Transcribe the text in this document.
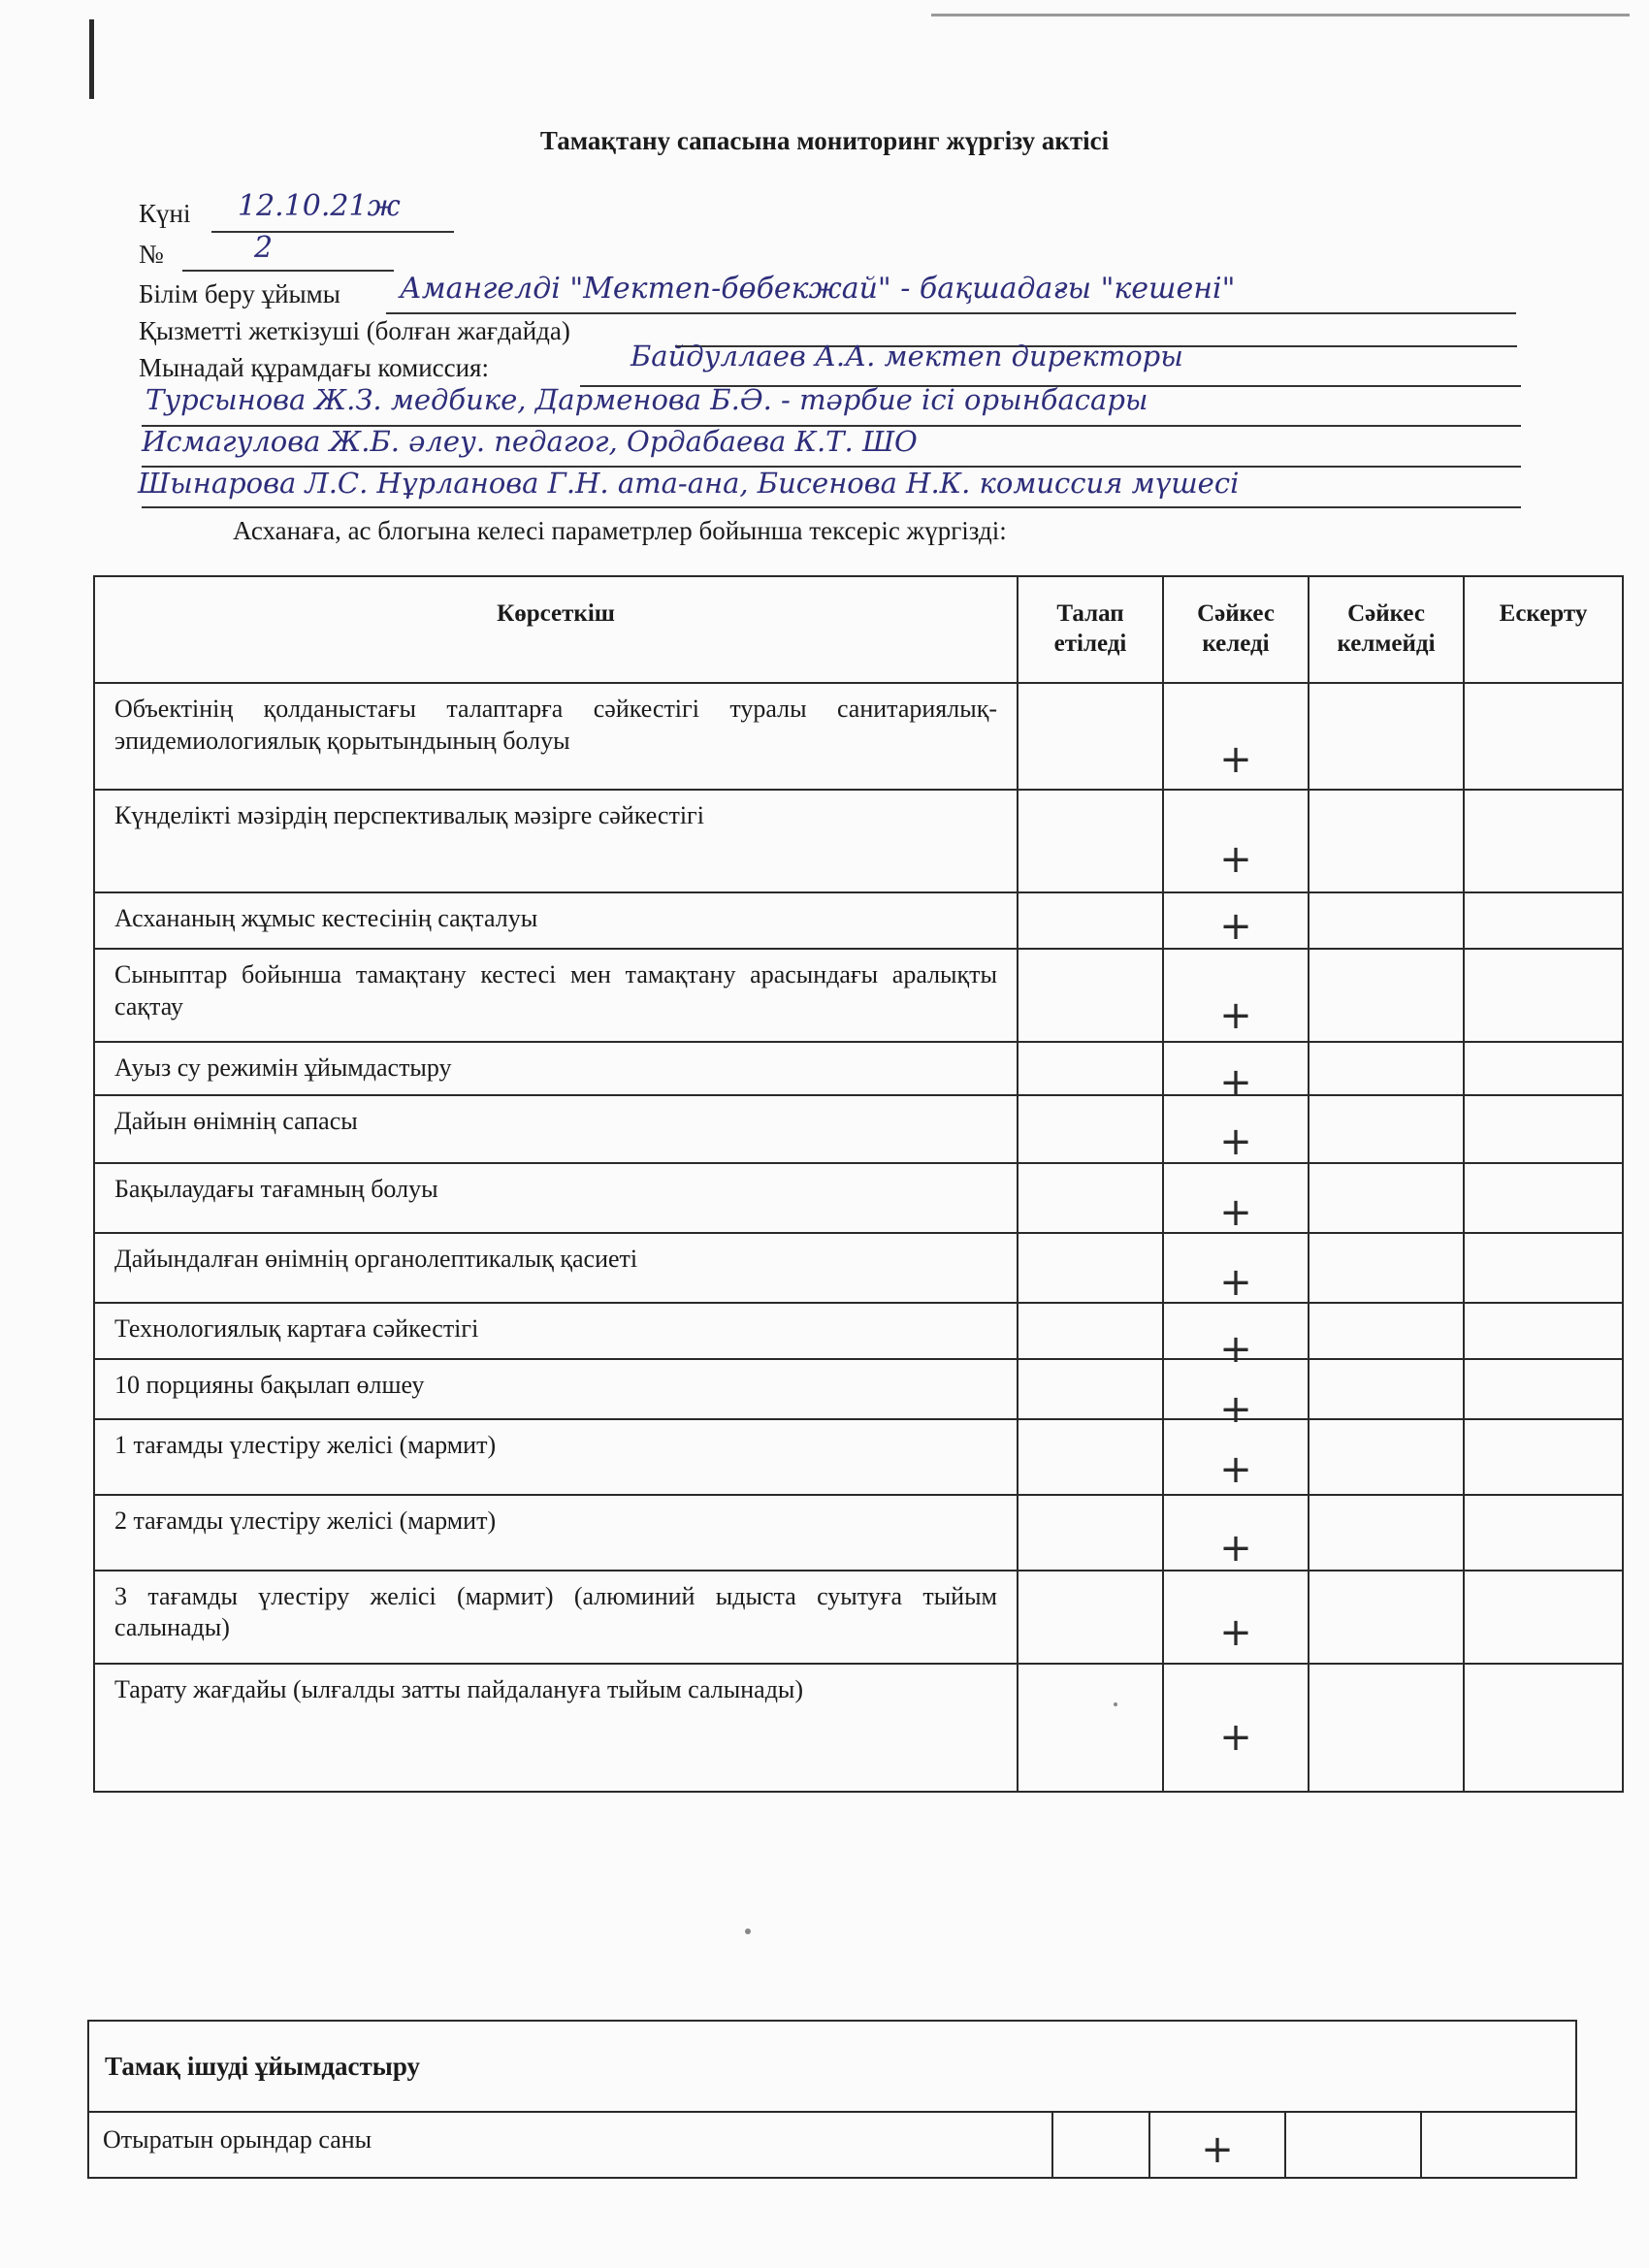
Тамақтану сапасына мониторинг жүргізу актісі
Күні 12.10.21ж
№	2
Білім беру ұйымы Амангелді "Мектеп-бөбекжай" - бақшадағы "кешені"
Қызметті жеткізуші (болған жағдайда)
Мынадай құрамдағы комиссия:	Байдуллаев А.А. мектеп директоры
Турсынова Ж.З. медбике, Дарменова Б.Ә. - тәрбие ісі орынбасары
Исмагулова Ж.Б. әлеу. педагог, Ордабаева К.Т. ШО
Шынарова Л.С. Нұрланова Г.Н. ата-ана, Бисенова Н.К. комиссия мүшесі
Асханаға, ас блогына келесі параметрлер бойынша тексеріс жүргізді:
Көрсеткіш	Талап етіледі	Сәйкес келеді	Сәйкес келмейді	Ескерту
Объектінің қолданыстағы талаптарға сәйкестігі туралы санитариялық-эпидемиологиялық қорытындының болуы		+		

Күнделікті мәзірдің перспективалық мәзірге сәйкестігі		+		

Асхананың жұмыс кестесінің сақталуы		+		

Сыныптар бойынша тамақтану кестесі мен тамақтану арасындағы аралықты сақтау		+		

Ауыз су режимін ұйымдастыру		+		

Дайын өнімнің сапасы		+		

Бақылаудағы тағамның болуы		+		

Дайындалған өнімнің органолептикалық қасиеті		+		

Технологиялық картаға сәйкестігі		+		

10 порцияны бақылап өлшеу		+		

1 тағамды үлестіру желісі (мармит)		+		

2 тағамды үлестіру желісі (мармит)		+		

3 тағамды үлестіру желісі (мармит) (алюминий ыдыста суытуға тыйым салынады)		+		

Тарату жағдайы (ылғалды затты пайдалануға тыйым салынады)		+		

Тамақ ішуді ұйымдастыру
Отыратын орындар саны		+
